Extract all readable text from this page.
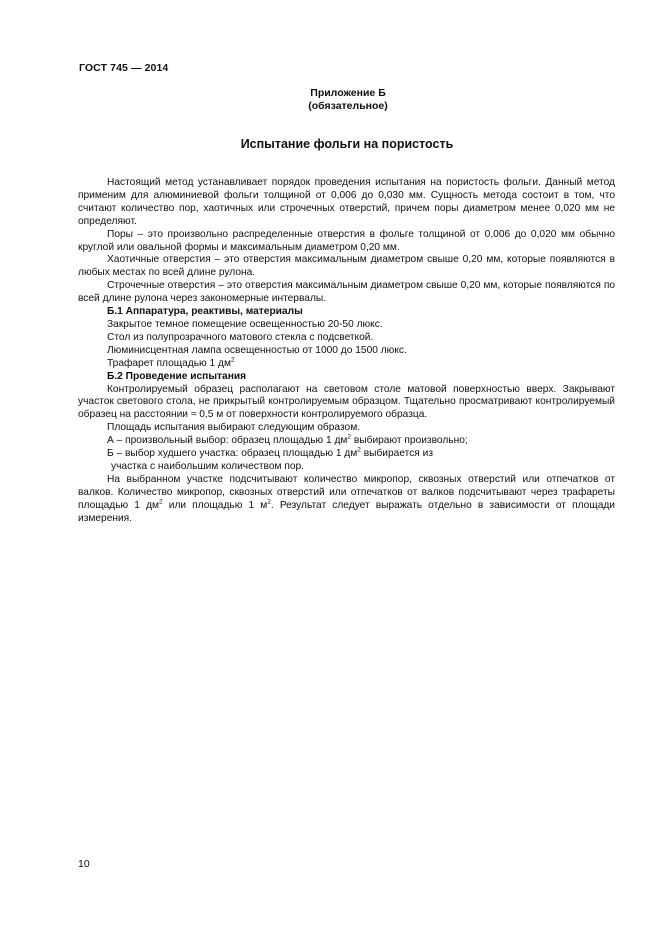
ГОСТ 745 — 2014
Приложение Б
(обязательное)
Испытание фольги на пористость

Настоящий метод устанавливает порядок проведения испытания на пористость фольги. Данный метод применим для алюминиевой фольги толщиной от 0,006 до 0,030 мм. Сущность метода состоит в том, что считают количество пор, хаотичных или строчечных отверстий, причем поры диаметром менее 0,020 мм не определяют.

Поры – это произвольно распределенные отверстия в фольге толщиной от 0,006 до 0,020 мм обычно круглой или овальной формы и максимальным диаметром 0,20 мм.

Хаотичные отверстия – это отверстия максимальным диаметром свыше 0,20 мм, которые появляются в любых местах по всей длине рулона.

Строчечные отверстия – это отверстия максимальным диаметром свыше 0,20 мм, которые появляются по всей длине рулона через закономерные интервалы.

Б.1 Аппаратура, реактивы, материалы

Закрытое темное помещение освещенностью 20-50 люкс.

Стол из полупрозрачного матового стекла с подсветкой.

Люминисцентная лампа освещенностью от 1000 до 1500 люкс.

Трафарет площадью 1 $дм^2$

Б.2 Проведение испытания

Контролируемый образец располагают на световом столе матовой поверхностью вверх. Закрывают участок светового стола, не прикрытый контролируемым образцом. Тщательно просматривают контролируемый образец на расстоянии ≈ 0,5 м от поверхности контролируемого образца.

Площадь испытания выбирают следующим образом.

А – произвольный выбор: образец площадью 1 $дм^2$ выбирают произвольно;

Б – выбор худшего участка: образец площадью 1 $дм^2$ выбирается из

участка с наибольшим количеством пор.

На выбранном участке подсчитывают количество микропор, сквозных отверстий или отпечатков от валков. Количество микропор, сквозных отверстий или отпечатков от валков подсчитывают через трафареты площадью 1 $дм^2$ или площадью 1 $м^2$. Результат следует выражать отдельно в зависимости от площади измерения.

10
